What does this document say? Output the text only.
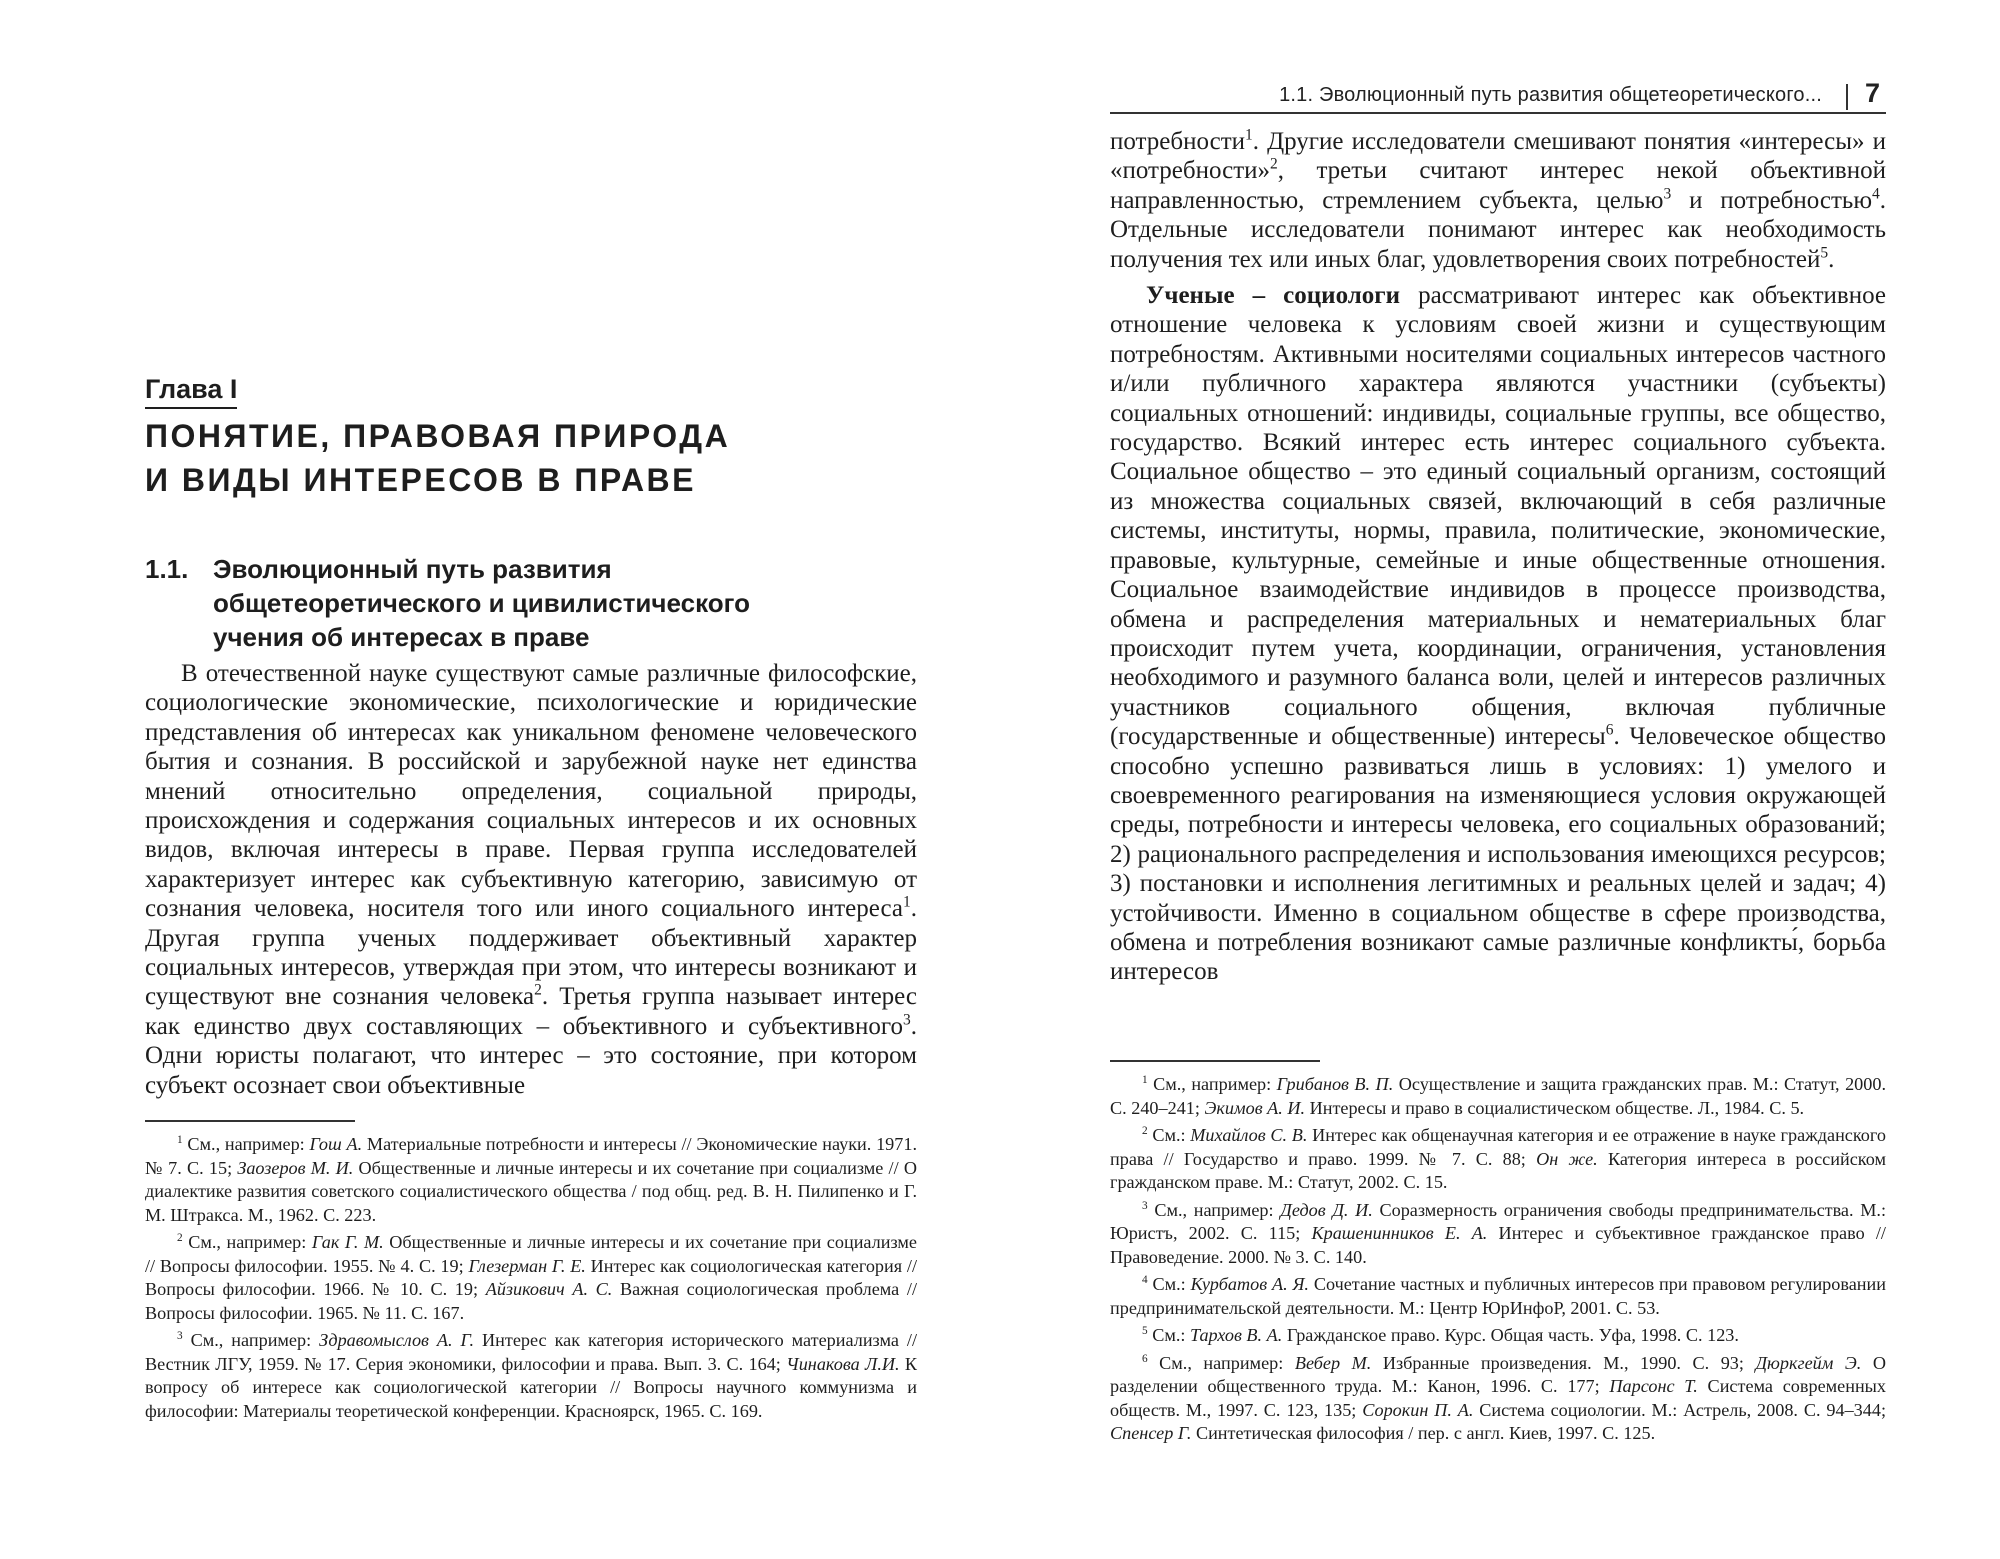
Глава I
ПОНЯТИЕ, ПРАВОВАЯ ПРИРОДА
И ВИДЫ ИНТЕРЕСОВ В ПРАВЕ
1.1. Эволюционный путь развития
общетеоретического и цивилистического
учения об интересах в праве

В отечественной науке существуют самые различные философские, социологические экономические, психологические и юридические представления об интересах как уникальном феномене человеческого бытия и сознания. В российской и зарубежной науке нет единства мнений относительно определения, социальной природы, происхождения и содержания социальных интересов и их основных видов, включая интересы в праве. Первая группа исследователей характеризует интерес как субъективную категорию, зависимую от сознания человека, носителя того или иного социального интереса$^1$. Другая группа ученых поддерживает объективный характер социальных интересов, утверждая при этом, что интересы возникают и существуют вне сознания человека$^2$. Третья группа называет интерес как единство двух составляющих – объективного и субъективного$^3$. Одни юристы полагают, что интерес – это состояние, при котором субъект осознает свои объективные

$^1$ См., например: Гош А. Материальные потребности и интересы // Экономические науки. 1971. № 7. С. 15; Заозеров М. И. Общественные и личные интересы и их сочетание при социализме // О диалектике развития советского социалистического общества / под общ. ред. В. Н. Пилипенко и Г. М. Штракса. М., 1962. С. 223.

$^2$ См., например: Гак Г. М. Общественные и личные интересы и их сочетание при социализме // Вопросы философии. 1955. № 4. С. 19; Глезерман Г. Е. Интерес как социологическая категория // Вопросы философии. 1966. № 10. С. 19; Айзикович А. С. Важная социологическая проблема // Вопросы философии. 1965. № 11. С. 167.

$^3$ См., например: Здравомыслов А. Г. Интерес как категория исторического материализма // Вестник ЛГУ, 1959. № 17. Серия экономики, философии и права. Вып. 3. С. 164; Чинакова Л.И. К вопросу об интересе как социологической категории // Вопросы научного коммунизма и философии: Материалы теоретической конференции. Красноярск, 1965. С. 169.

1.1. Эволюционный путь развития общетеоретического... 7

потребности$^1$. Другие исследователи смешивают понятия «интересы» и «потребности»$^2$, третьи считают интерес некой объективной направленностью, стремлением субъекта, целью$^3$ и потребностью$^4$. Отдельные исследователи понимают интерес как необходимость получения тех или иных благ, удовлетворения своих потребностей$^5$.

Ученые – социологи рассматривают интерес как объективное отношение человека к условиям своей жизни и существующим потребностям. Активными носителями социальных интересов частного и/или публичного характера являются участники (субъекты) социальных отношений: индивиды, социальные группы, все общество, государство. Всякий интерес есть интерес социального субъекта. Социальное общество – это единый социальный организм, состоящий из множества социальных связей, включающий в себя различные системы, институты, нормы, правила, политические, экономические, правовые, культурные, семейные и иные общественные отношения. Социальное взаимодействие индивидов в процессе производства, обмена и распределения материальных и нематериальных благ происходит путем учета, координации, ограничения, установления необходимого и разумного баланса воли, целей и интересов различных участников социального общения, включая публичные (государственные и общественные) интересы$^6$. Человеческое общество способно успешно развиваться лишь в условиях: 1) умелого и своевременного реагирования на изменяющиеся условия окружающей среды, потребности и интересы человека, его социальных образований; 2) рационального распределения и использования имеющихся ресурсов; 3) постановки и исполнения легитимных и реальных целей и задач; 4) устойчивости. Именно в социальном обществе в сфере производства, обмена и потребления возникают самые различные конфликты́, борьба интересов

$^1$ См., например: Грибанов В. П. Осуществление и защита гражданских прав. М.: Статут, 2000. С. 240–241; Экимов А. И. Интересы и право в социалистическом обществе. Л., 1984. С. 5.

$^2$ См.: Михайлов С. В. Интерес как общенаучная категория и ее отражение в науке гражданского права // Государство и право. 1999. № 7. С. 88; Он же. Категория интереса в российском гражданском праве. М.: Статут, 2002. С. 15.

$^3$ См., например: Дедов Д. И. Соразмерность ограничения свободы предпринимательства. М.: Юристъ, 2002. С. 115; Крашенинников Е. А. Интерес и субъективное гражданское право // Правоведение. 2000. № 3. С. 140.

$^4$ См.: Курбатов А. Я. Сочетание частных и публичных интересов при правовом регулировании предпринимательской деятельности. М.: Центр ЮрИнфоР, 2001. С. 53.

$^5$ См.: Тархов В. А. Гражданское право. Курс. Общая часть. Уфа, 1998. С. 123.

$^6$ См., например: Вебер М. Избранные произведения. М., 1990. С. 93; Дюркгейм Э. О разделении общественного труда. М.: Канон, 1996. С. 177; Парсонс Т. Система современных обществ. М., 1997. С. 123, 135; Сорокин П. А. Система социологии. М.: Астрель, 2008. С. 94–344; Спенсер Г. Синтетическая философия / пер. с англ. Киев, 1997. С. 125.
